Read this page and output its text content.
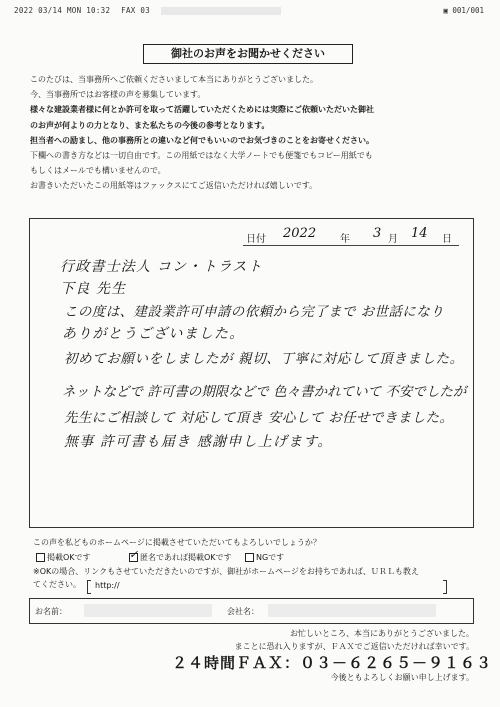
2022 03/14 MON 10:32 FAX 03	▣ 001/001
御社のお声をお聞かせください

このたびは、当事務所へご依頼くださいまして本当にありがとうございました。

今、当事務所ではお客様の声を募集しています。

様々な建設業者様に何とか許可を取って活躍していただくためには実際にご依頼いただいた御社

のお声が何よりの力となり、また私たちの今後の参考となります。

担当者への励まし、他の事務所との違いなど何でもいいのでお気づきのことをお寄せください。

下欄への書き方などは一切自由です。この用紙ではなく大学ノートでも便箋でもコピー用紙でも

もしくはメールでも構いませんので。

お書きいただいたこの用紙等はファックスにてご返信いただければ嬉しいです。

日付 2022 年 3 月 14 日
行政書士法人 コン・トラスト
下良 先生
この度は、建設業許可申請の依頼から完了まで お世話になり
ありがとうございました。
初めてお願いをしましたが 親切、丁寧に対応して頂きました。
ネットなどで 許可書の期限などで 色々書かれていて 不安でしたが
先生にご相談して 対応して頂き 安心して お任せできました。
無事 許可書も届き 感謝申し上げます。
この声を私どものホームページに掲載させていただいてもよろしいでしょうか？
掲載OKです	✓ 匿名であれば掲載OKです	NGです

※OKの場合、リンクもさせていただきたいのですが、御社がホームページをお持ちであれば、ＵＲＬも教え

てください。	http://
お名前：	会社名：
お忙しいところ、本当にありがとうございました。
まことに恐れ入りますが、ＦＡＸでご返信いただければ幸いです。
２４時間ＦＡＸ：０３－６２６５－９１６３
今後ともよろしくお願い申し上げます。
